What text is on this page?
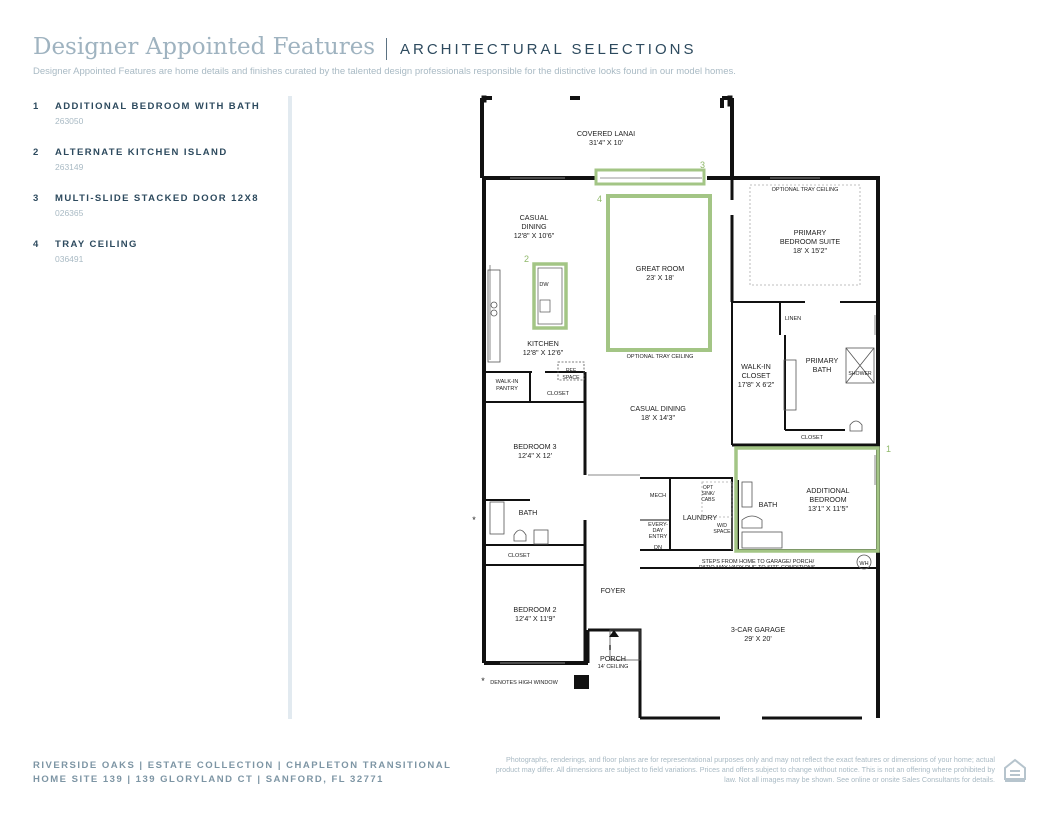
Designer Appointed Features ARCHITECTURAL SELECTIONS
Designer Appointed Features are home details and finishes curated by the talented design professionals responsible for the distinctive looks found in our model homes.
1 ADDITIONAL BEDROOM WITH BATH
263050
2 ALTERNATE KITCHEN ISLAND
263149
3 MULTI-SLIDE STACKED DOOR 12X8
026365
4 TRAY CEILING
036491
COVERED LANAI
31'4" X 10'
CASUAL
DINING
12'8" X 10'6"
GREAT ROOM
23' X 18'
OPTIONAL TRAY CEILING
PRIMARY
BEDROOM SUITE
18' X 15'2"
DW
KITCHEN
12'8" X 12'6"	OPTIONAL TRAY CEILING
LINEN
WALK-IN
CLOSET
17'8" X 6'2"
PRIMARY
BATH	SHOWER
REF
SPACE
WALK-IN
PANTRY
CLOSET
CASUAL DINING
18' X 14'3"
CLOSET
BEDROOM 3
12'4" X 12'
MECH
OPT
SINK/
CABS
LAUNDRY
BATH
ADDITIONAL
BEDROOM
13'1" X 11'5"
BATH
EVERY-
DAY
ENTRY
DN
W/D
SPACE
CLOSET
STEPS FROM HOME TO GARAGE/ PORCH/
PATIO MAY VARY DUE TO SITE CONDITIONS.
WH
FOYER
BEDROOM 2
12'4" X 11'9"
3-CAR GARAGE
29' X 20'
PORCH
14' CEILING
* DENOTES HIGH WINDOW
*
1
2
3
4
RIVERSIDE OAKS | ESTATE COLLECTION | CHAPLETON TRANSITIONAL
HOME SITE 139 | 139 GLORYLAND CT | SANFORD, FL 32771
Photographs, renderings, and floor plans are for representational purposes only and may not reflect the exact features or dimensions of your home; actual product may differ. All dimensions are subject to field variations. Prices and offers subject to change without notice. This is not an offering where prohibited by law. Not all images may be shown. See online or onsite Sales Consultants for details.
